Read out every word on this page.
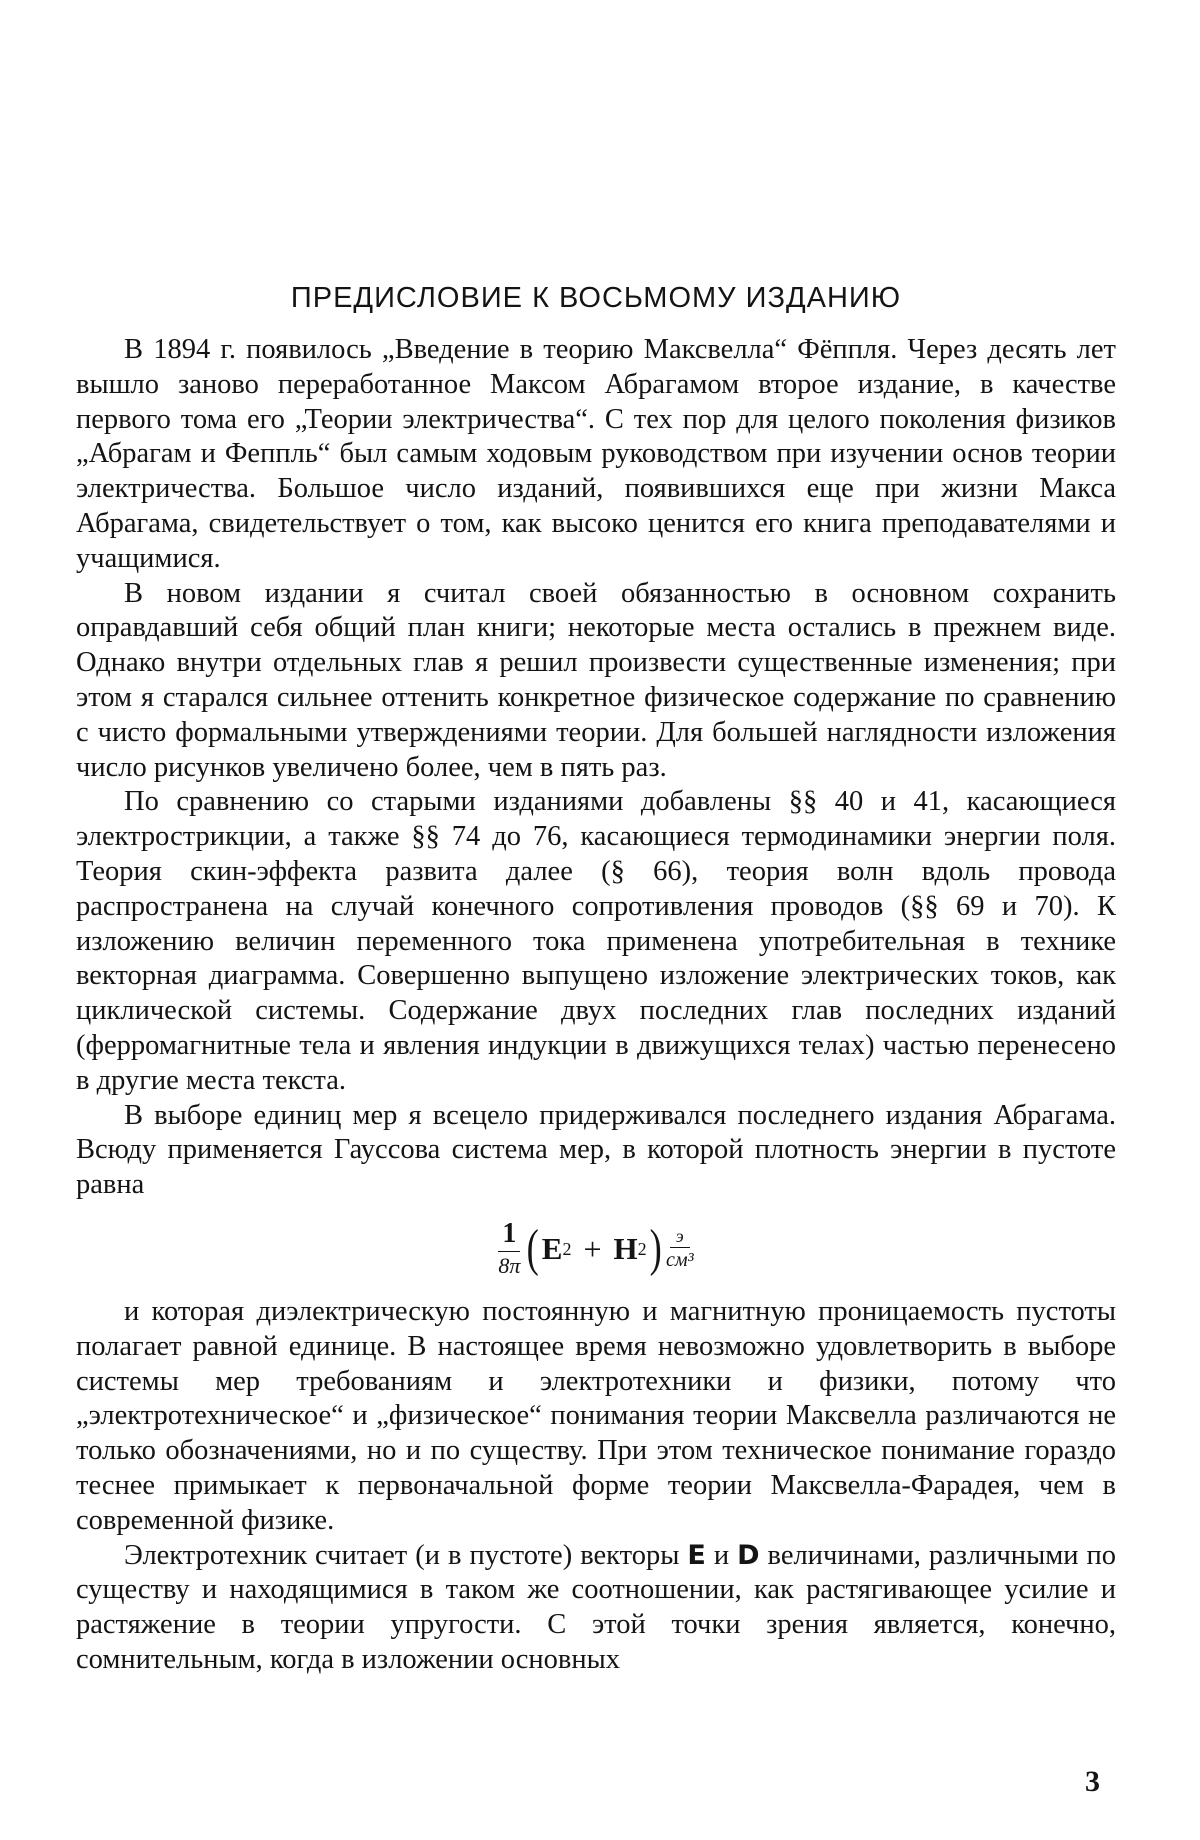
ПРЕДИСЛОВИЕ К ВОСЬМОМУ ИЗДАНИЮ

В 1894 г. появилось „Введение в теорию Максвелла“ Фёппля. Через десять лет вышло заново переработанное Максом Абрагамом второе издание, в качестве первого тома его „Теории электричества“. С тех пор для целого поколения физиков „Абрагам и Феппль“ был самым ходовым руководством при изучении основ теории электричества. Большое число изданий, появившихся еще при жизни Макса Абрагама, свидетельствует о том, как высоко ценится его книга преподавателями и учащимися.

В новом издании я считал своей обязанностью в основном сохранить оправдавший себя общий план книги; некоторые места остались в прежнем виде. Однако внутри отдельных глав я решил произвести существенные изменения; при этом я старался сильнее оттенить конкретное физическое содержание по сравнению с чисто формальными утверждениями теории. Для большей наглядности изложения число рисунков увеличено более, чем в пять раз.

По сравнению со старыми изданиями добавлены §§ 40 и 41, касающиеся электрострикции, а также §§ 74 до 76, касающиеся термодинамики энергии поля. Теория скин-эффекта развита далее (§ 66), теория волн вдоль провода распространена на случай конечного сопротивления проводов (§§ 69 и 70). К изложению величин переменного тока применена употребительная в технике векторная диаграмма. Совершенно выпущено изложение электрических токов, как циклической системы. Содержание двух последних глав последних изданий (ферромагнитные тела и явления индукции в движущихся телах) частью перенесено в другие места текста.

В выборе единиц мер я всецело придерживался последнего издания Абрагама. Всюду применяется Гауссова система мер, в которой плотность энергии в пустоте равна

$\frac{1}{8\pi}$ ( E 2 + H 2 ) $\frac{э}{\text{см³}}$

и которая диэлектрическую постоянную и магнитную проницаемость пустоты полагает равной единице. В настоящее время невозможно удовлетворить в выборе системы мер требованиям и электротехники и физики, потому что „электротехническое“ и „физическое“ понимания теории Максвелла различаются не только обозначениями, но и по существу. При этом техническое понимание гораздо теснее примыкает к первоначальной форме теории Максвелла-Фарадея, чем в современной физике.

Электротехник считает (и в пустоте) векторы E и D величинами, различными по существу и находящимися в таком же соотношении, как растягивающее усилие и растяжение в теории упругости. С этой точки зрения является, конечно, сомнительным, когда в изложении основных

3
